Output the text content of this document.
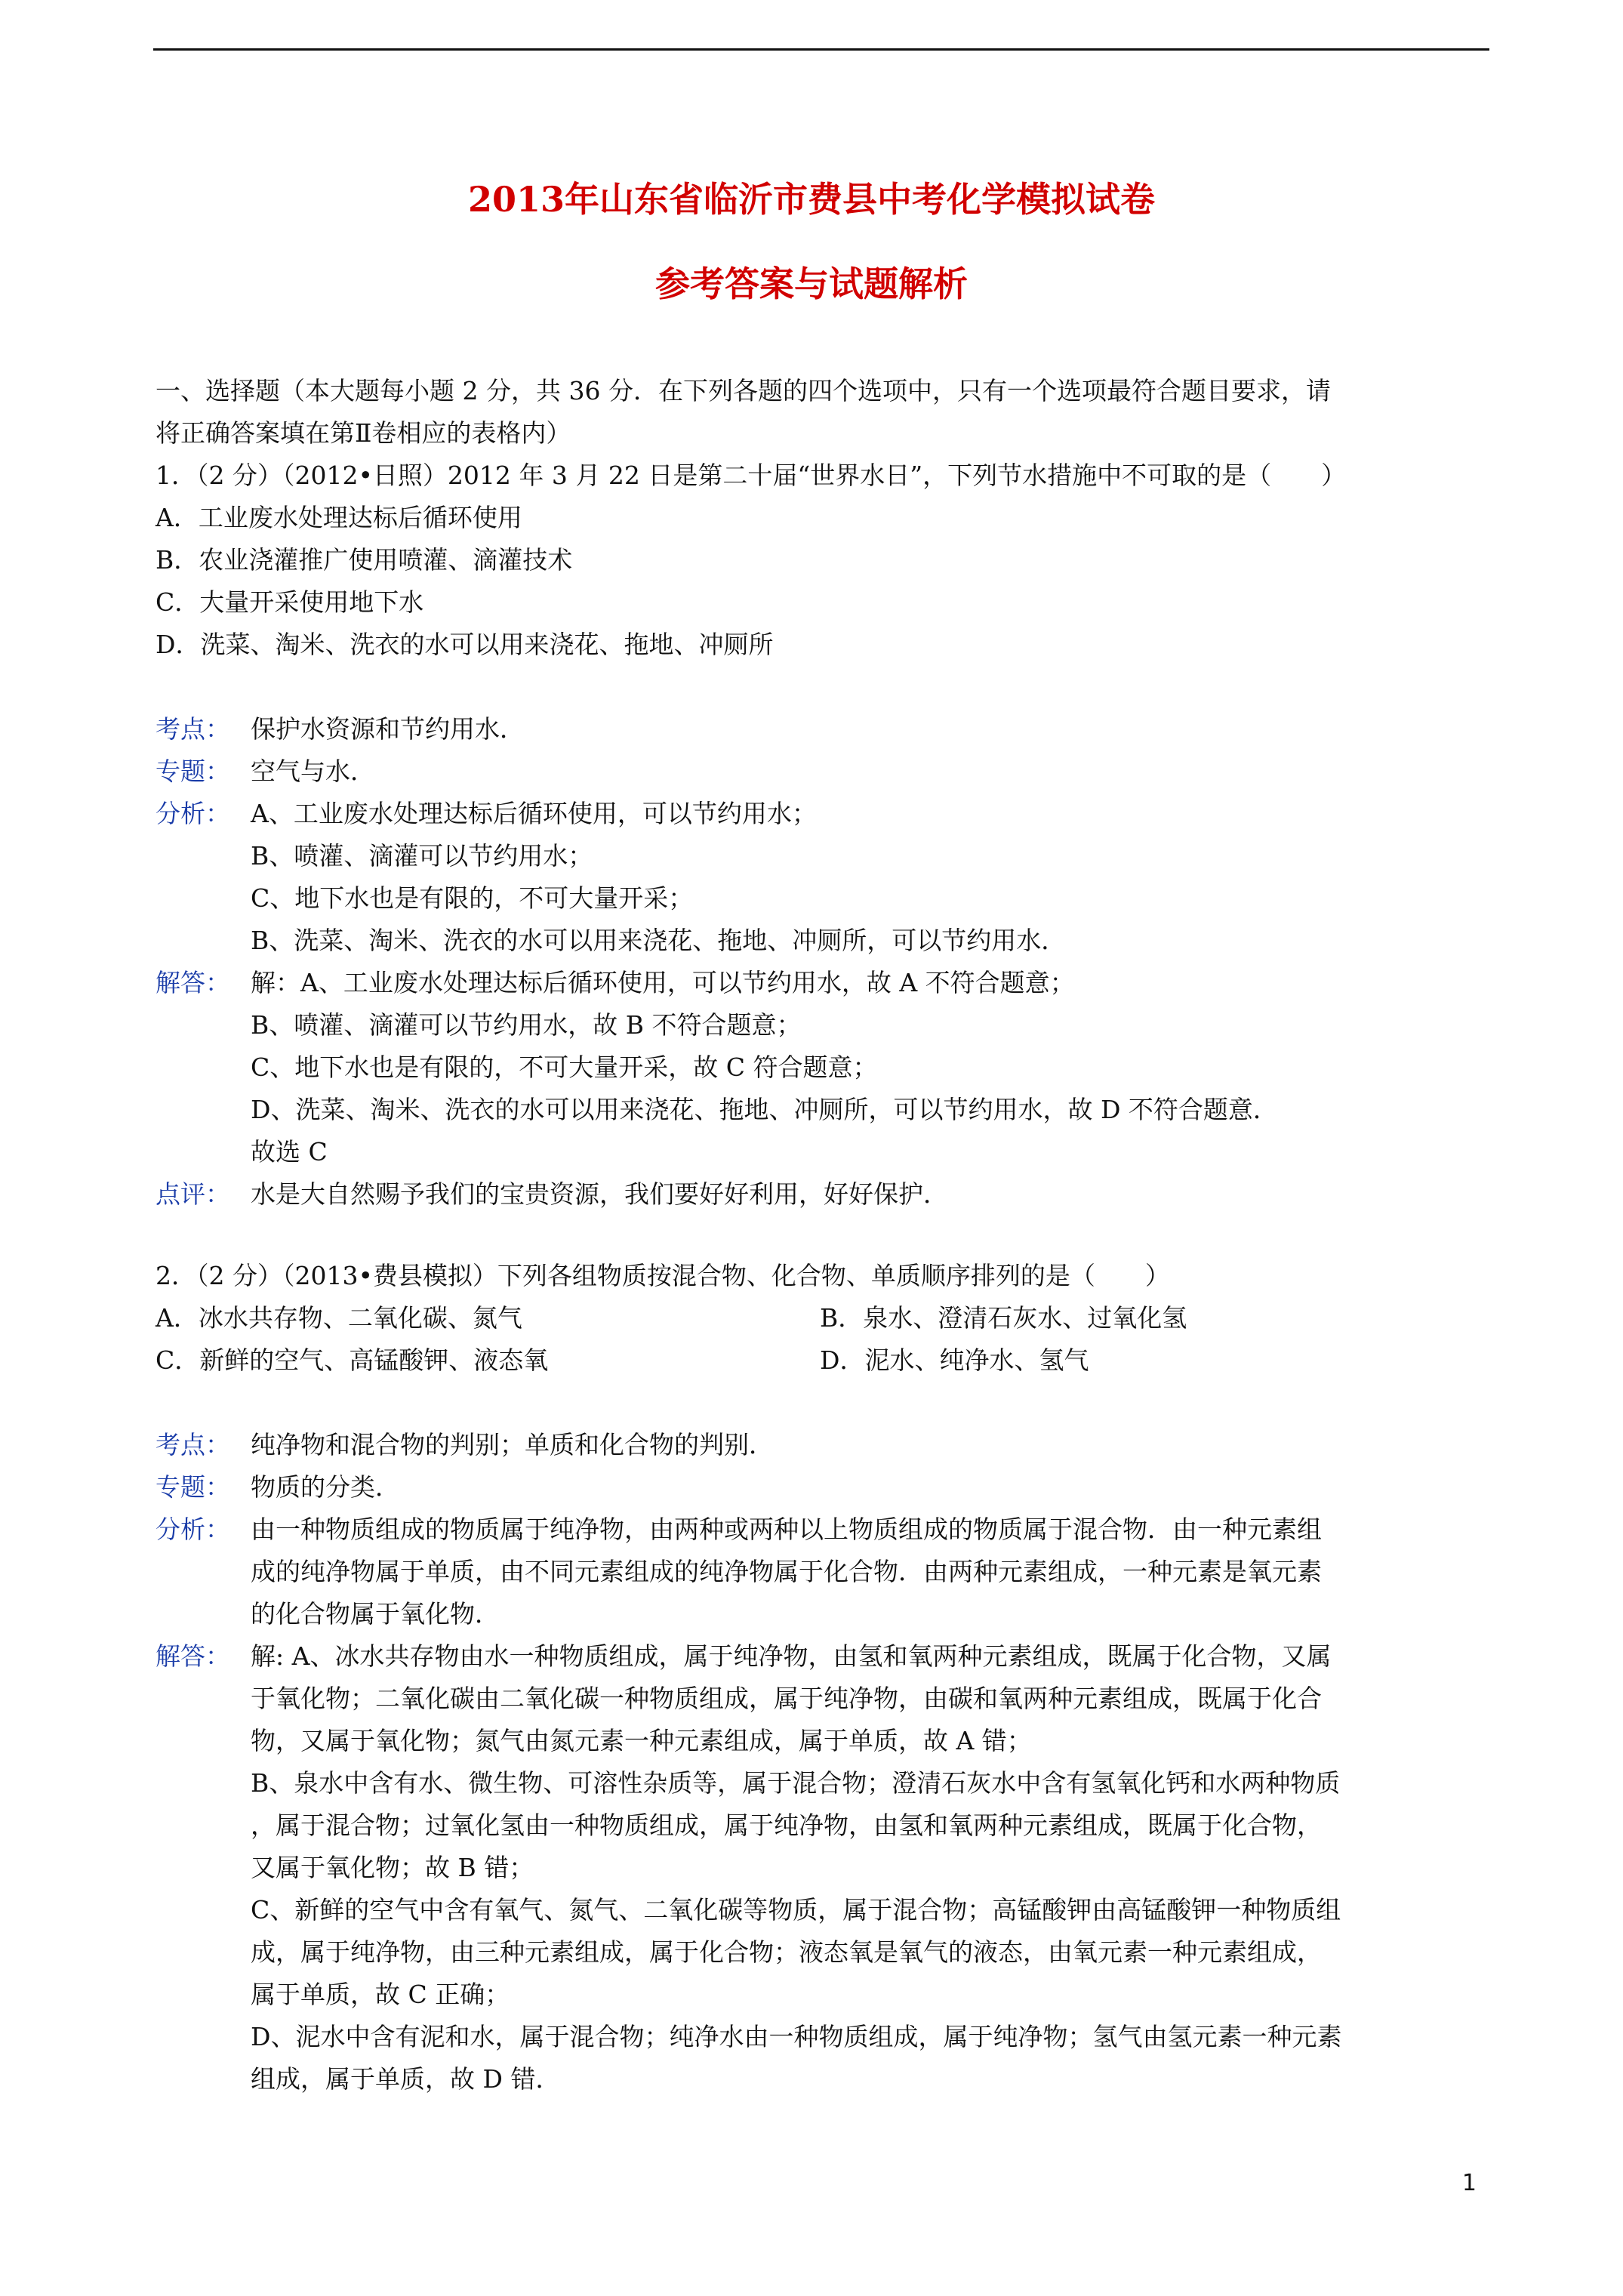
2013年山东省临沂市费县中考化学模拟试卷
参考答案与试题解析
一、选择题（本大题每小题 2 分，共 36 分．在下列各题的四个选项中，只有一个选项最符合题目要求，请
将正确答案填在第Ⅱ卷相应的表格内）
1．（2 分）（2012•日照）2012 年 3 月 22 日是第二十届“世界水日”，下列节水措施中不可取的是（　　）
A．工业废水处理达标后循环使用
B．农业浇灌推广使用喷灌、滴灌技术
C．大量开采使用地下水
D．洗菜、淘米、洗衣的水可以用来浇花、拖地、冲厕所
考点： 保护水资源和节约用水．
专题： 空气与水．
分析： A、工业废水处理达标后循环使用，可以节约用水；
B、喷灌、滴灌可以节约用水；
C、地下水也是有限的，不可大量开采；
B、洗菜、淘米、洗衣的水可以用来浇花、拖地、冲厕所，可以节约用水．
解答： 解：A、工业废水处理达标后循环使用，可以节约用水，故 A 不符合题意；
B、喷灌、滴灌可以节约用水，故 B 不符合题意；
C、地下水也是有限的，不可大量开采，故 C 符合题意；
D、洗菜、淘米、洗衣的水可以用来浇花、拖地、冲厕所，可以节约用水，故 D 不符合题意．
故选 C
点评： 水是大自然赐予我们的宝贵资源，我们要好好利用，好好保护．
2．（2 分）（2013•费县模拟）下列各组物质按混合物、化合物、单质顺序排列的是（　　）
A．冰水共存物、二氧化碳、氮气	B．泉水、澄清石灰水、过氧化氢
C．新鲜的空气、高锰酸钾、液态氧	D．泥水、纯净水、氢气
考点： 纯净物和混合物的判别；单质和化合物的判别．
专题： 物质的分类．
分析： 由一种物质组成的物质属于纯净物，由两种或两种以上物质组成的物质属于混合物．由一种元素组
成的纯净物属于单质，由不同元素组成的纯净物属于化合物．由两种元素组成，一种元素是氧元素
的化合物属于氧化物．
解答： 解: A、冰水共存物由水一种物质组成，属于纯净物，由氢和氧两种元素组成，既属于化合物，又属
于氧化物；二氧化碳由二氧化碳一种物质组成，属于纯净物，由碳和氧两种元素组成，既属于化合
物，又属于氧化物；氮气由氮元素一种元素组成，属于单质，故 A 错；
B、泉水中含有水、微生物、可溶性杂质等，属于混合物；澄清石灰水中含有氢氧化钙和水两种物质
，属于混合物；过氧化氢由一种物质组成，属于纯净物，由氢和氧两种元素组成，既属于化合物，
又属于氧化物；故 B 错；
C、新鲜的空气中含有氧气、氮气、二氧化碳等物质，属于混合物；高锰酸钾由高锰酸钾一种物质组
成，属于纯净物，由三种元素组成，属于化合物；液态氧是氧气的液态，由氧元素一种元素组成，
属于单质，故 C 正确；
D、泥水中含有泥和水，属于混合物；纯净水由一种物质组成，属于纯净物；氢气由氢元素一种元素
组成，属于单质，故 D 错．
1
